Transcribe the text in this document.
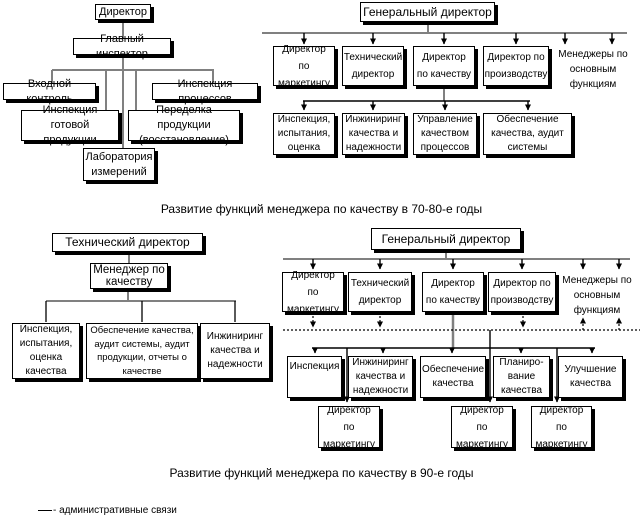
Директор
Главный инспектор
Входной контроль
Инспекция процессов
Инспекция готовой продукции
Переделка продукции (восстановление)
Лаборатория измерений
Генеральный директор
Директор по маркетингу
Технический директор
Директор по качеству
Директор по производству
Менеджеры по основным функциям
Инспекция, испытания, оценка
Инжиниринг качества и надежности
Управление качеством процессов
Обеспечение качества, аудит системы
Развитие функций менеджера по качеству в 70-80-е годы
Технический директор
Менеджер по качеству
Инспекция, испытания, оценка качества
Обеспечение качества, аудит системы, аудит продукции, отчеты о качестве
Инжиниринг качества и надежности
Генеральный директор
Директор по маркетингу
Технический директор
Директор по качеству
Директор по производству
Менеджеры по основным функциям
Инспекция	Инжиниринг качества и надежности
Обеспечение качества
Планиро-вание качества
Улучшение качества
Директор по маркетингу
Директор по маркетингу
Директор по маркетингу
Развитие функций менеджера по качеству в 90-е годы
- административные связи
